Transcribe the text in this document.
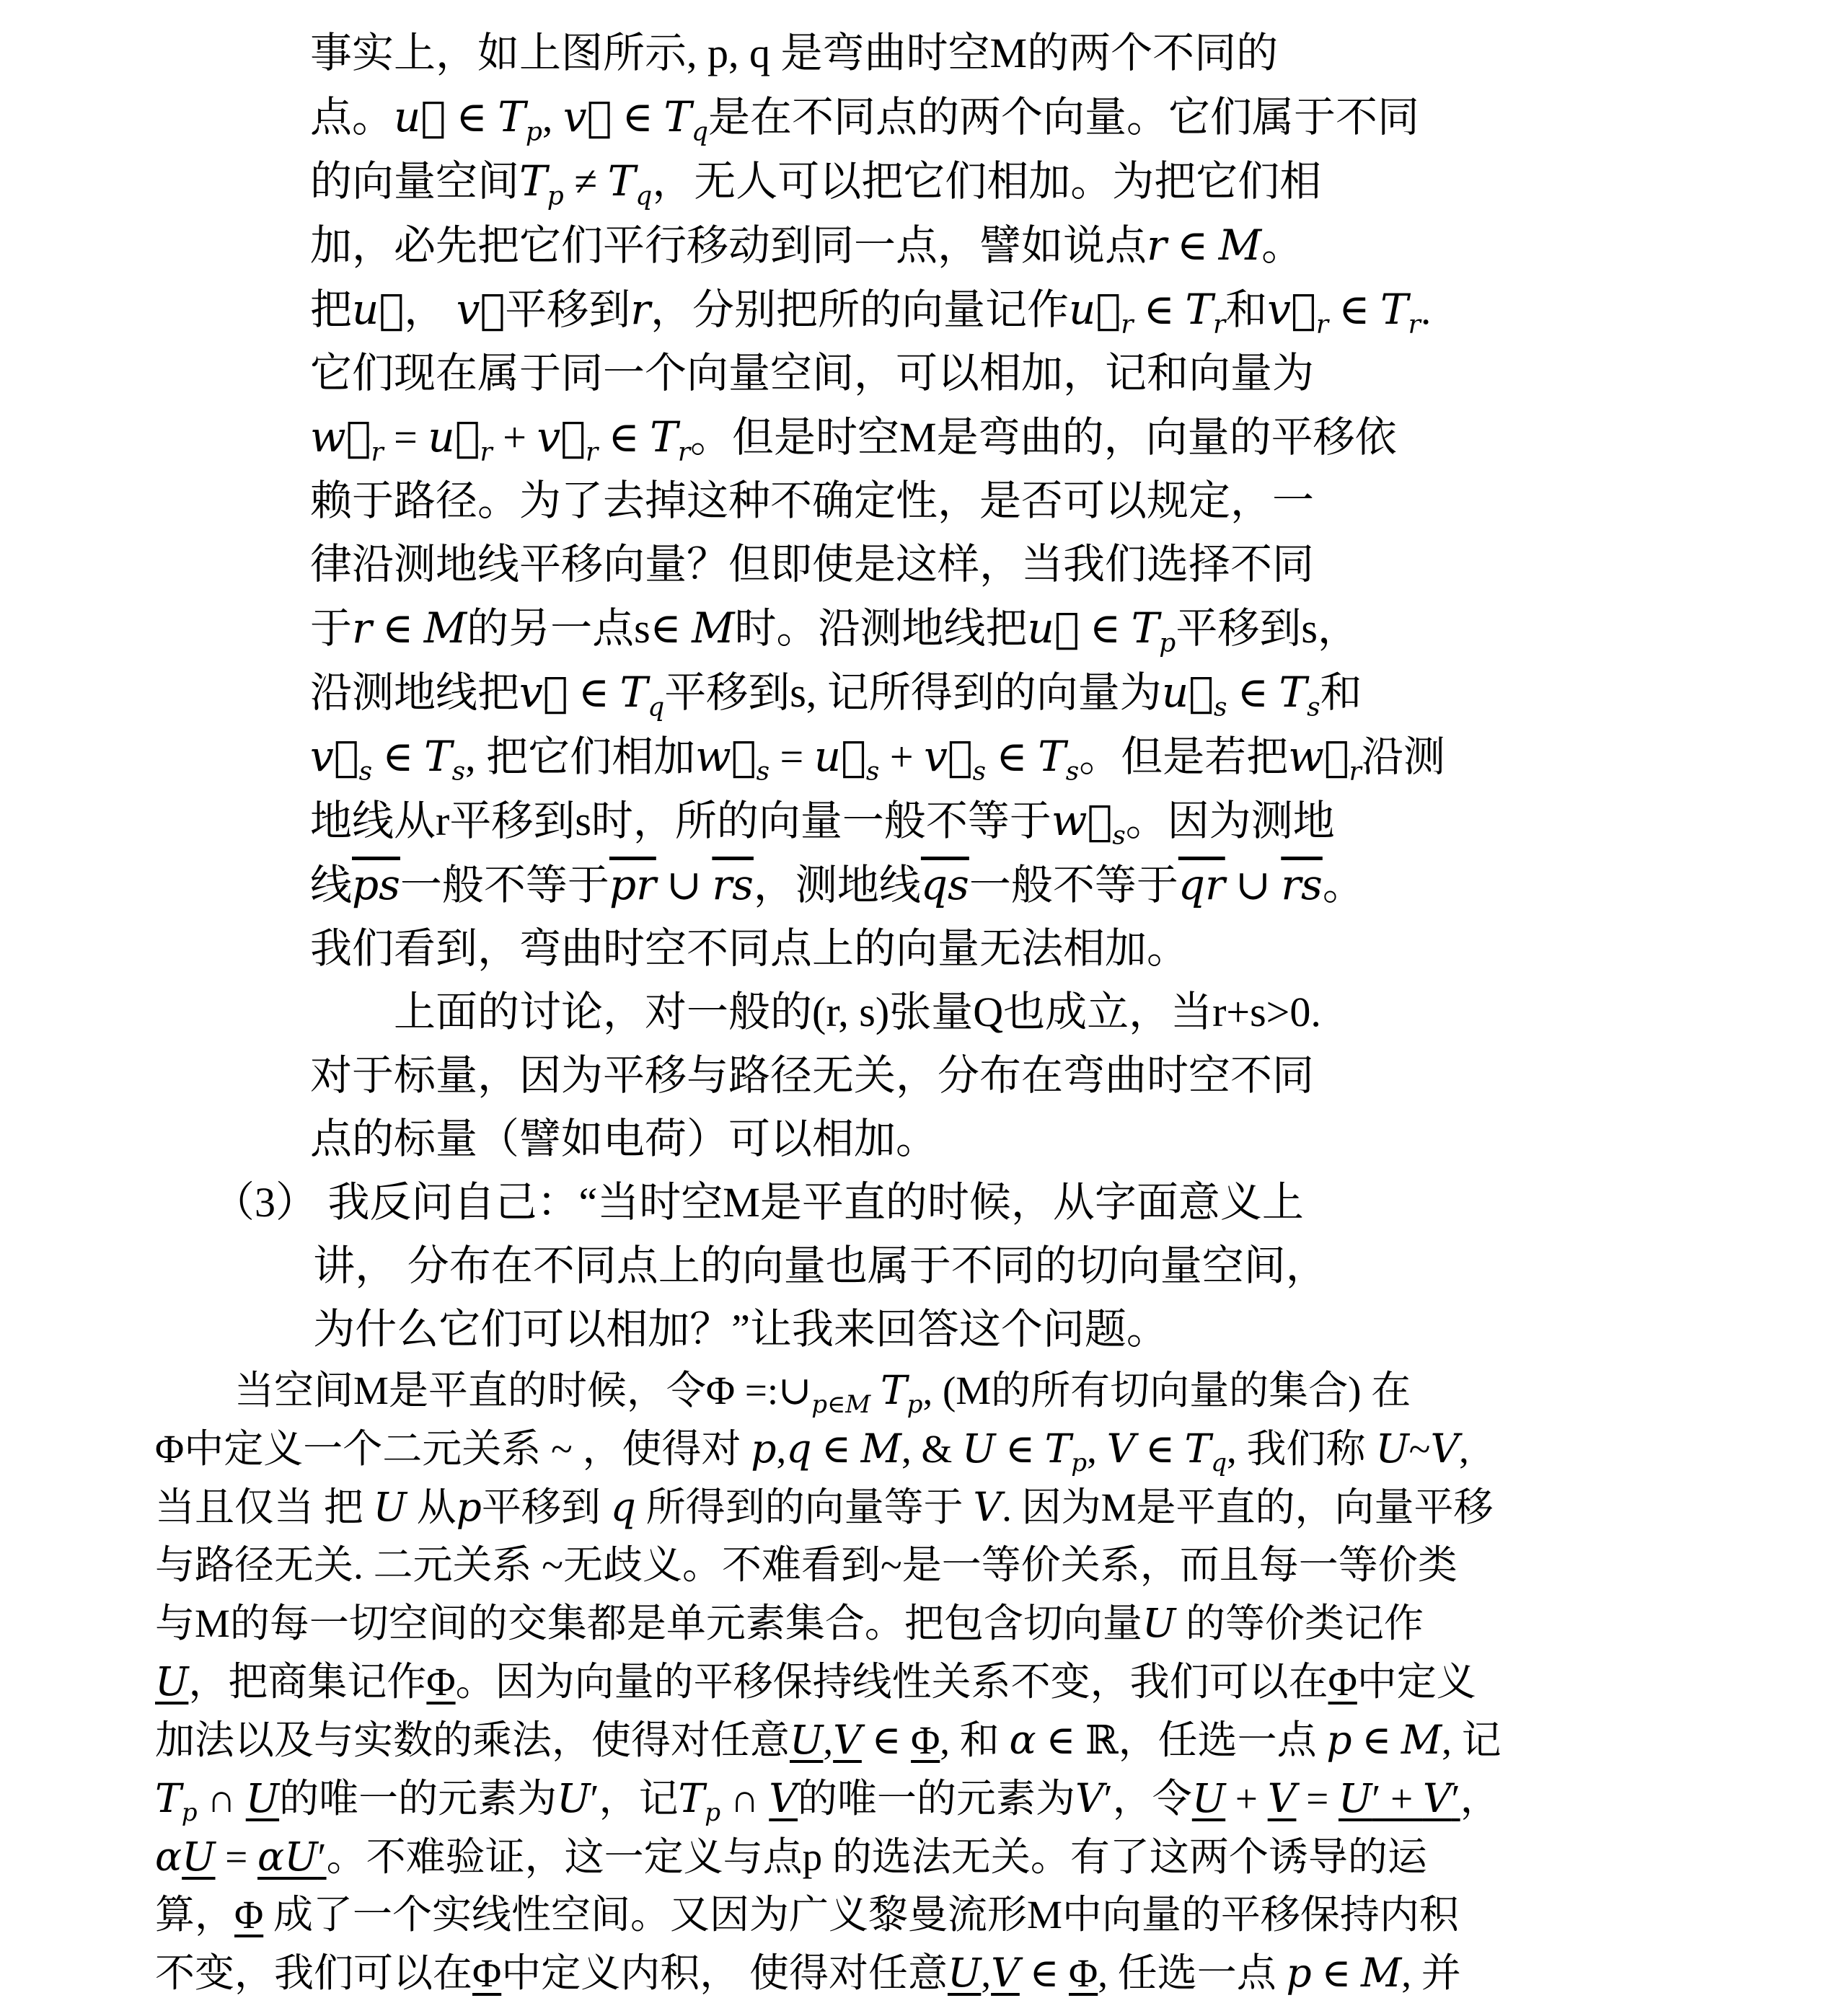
事实上，如上图所示, p, q 是弯曲时空M的两个不同的
点。u⃗ ∈ $T_p$, v⃗ ∈ $T_q$是在不同点的两个向量。它们属于不同
的向量空间$T_p \ne T_q$，无人可以把它们相加。为把它们相
加，必先把它们平行移动到同一点，譬如说点r ∈ M。
把u⃗， v⃗平移到r，分别把所的向量记作$u⃗_r$ ∈ $T_r$和$v⃗_r$ ∈ $T_r$.
它们现在属于同一个向量空间，可以相加，记和向量为
$w⃗_r$ = $u⃗_r$ + $v⃗_r$ ∈ $T_r$。但是时空M是弯曲的，向量的平移依
赖于路径。为了去掉这种不确定性，是否可以规定，一
律沿测地线平移向量？但即使是这样，当我们选择不同
于r ∈ M的另一点s∈ M时。沿测地线把u⃗ ∈ $T_p$平移到s，
沿测地线把v⃗ ∈ $T_q$平移到s, 记所得到的向量为$u⃗_s$ ∈ $T_s$和
$v⃗_s$ ∈ $T_s$, 把它们相加$w⃗_s$ = $u⃗_s$ + $v⃗_s$ ∈ $T_s$。但是若把$w⃗_r$沿测
地线从r平移到s时，所的向量一般不等于$w⃗_s$。因为测地
线$\overline{ps}$一般不等于$\overline{pr}$ ∪ $\overline{rs}$，测地线$\overline{qs}$一般不等于$\overline{qr}$ ∪ $\overline{rs}$。
我们看到，弯曲时空不同点上的向量无法相加。
上面的讨论，对一般的(r, s)张量Q也成立，当r+s>0.
对于标量，因为平移与路径无关，分布在弯曲时空不同
点的标量（譬如电荷）可以相加。
（3） 我反问自己：“当时空M是平直的时候，从字面意义上
讲， 分布在不同点上的向量也属于不同的切向量空间，
为什么它们可以相加？”让我来回答这个问题。
当空间M是平直的时候，令$\Phi =:\cup_{p\in M}$ $T_p$, (M的所有切向量的集合) 在
Φ中定义一个二元关系 ~ ，使得对 p,q ∈ M, & U ∈ $T_p$, V ∈ $T_q$, 我们称 U~V,
当且仅当 把 U 从p平移到 q 所得到的向量等于 V. 因为M是平直的，向量平移
与路径无关. 二元关系 ~无歧义。不难看到~是一等价关系，而且每一等价类
与M的每一切空间的交集都是单元素集合。把包含切向量U 的等价类记作
U，把商集记作Φ。因为向量的平移保持线性关系不变，我们可以在Φ中定义
加法以及与实数的乘法，使得对任意U,V ∈ Φ, 和 α ∈ ℝ，任选一点 p ∈ M, 记
$T_p$ ∩ U的唯一的元素为U′，记$T_p$ ∩ V的唯一的元素为V′，令U + V = U′ + V′，
αU = αU′。不难验证，这一定义与点p 的选法无关。有了这两个诱导的运
算，Φ 成了一个实线性空间。又因为广义黎曼流形M中向量的平移保持内积
不变，我们可以在Φ中定义内积， 使得对任意U,V ∈ Φ, 任选一点 p ∈ M, 并
